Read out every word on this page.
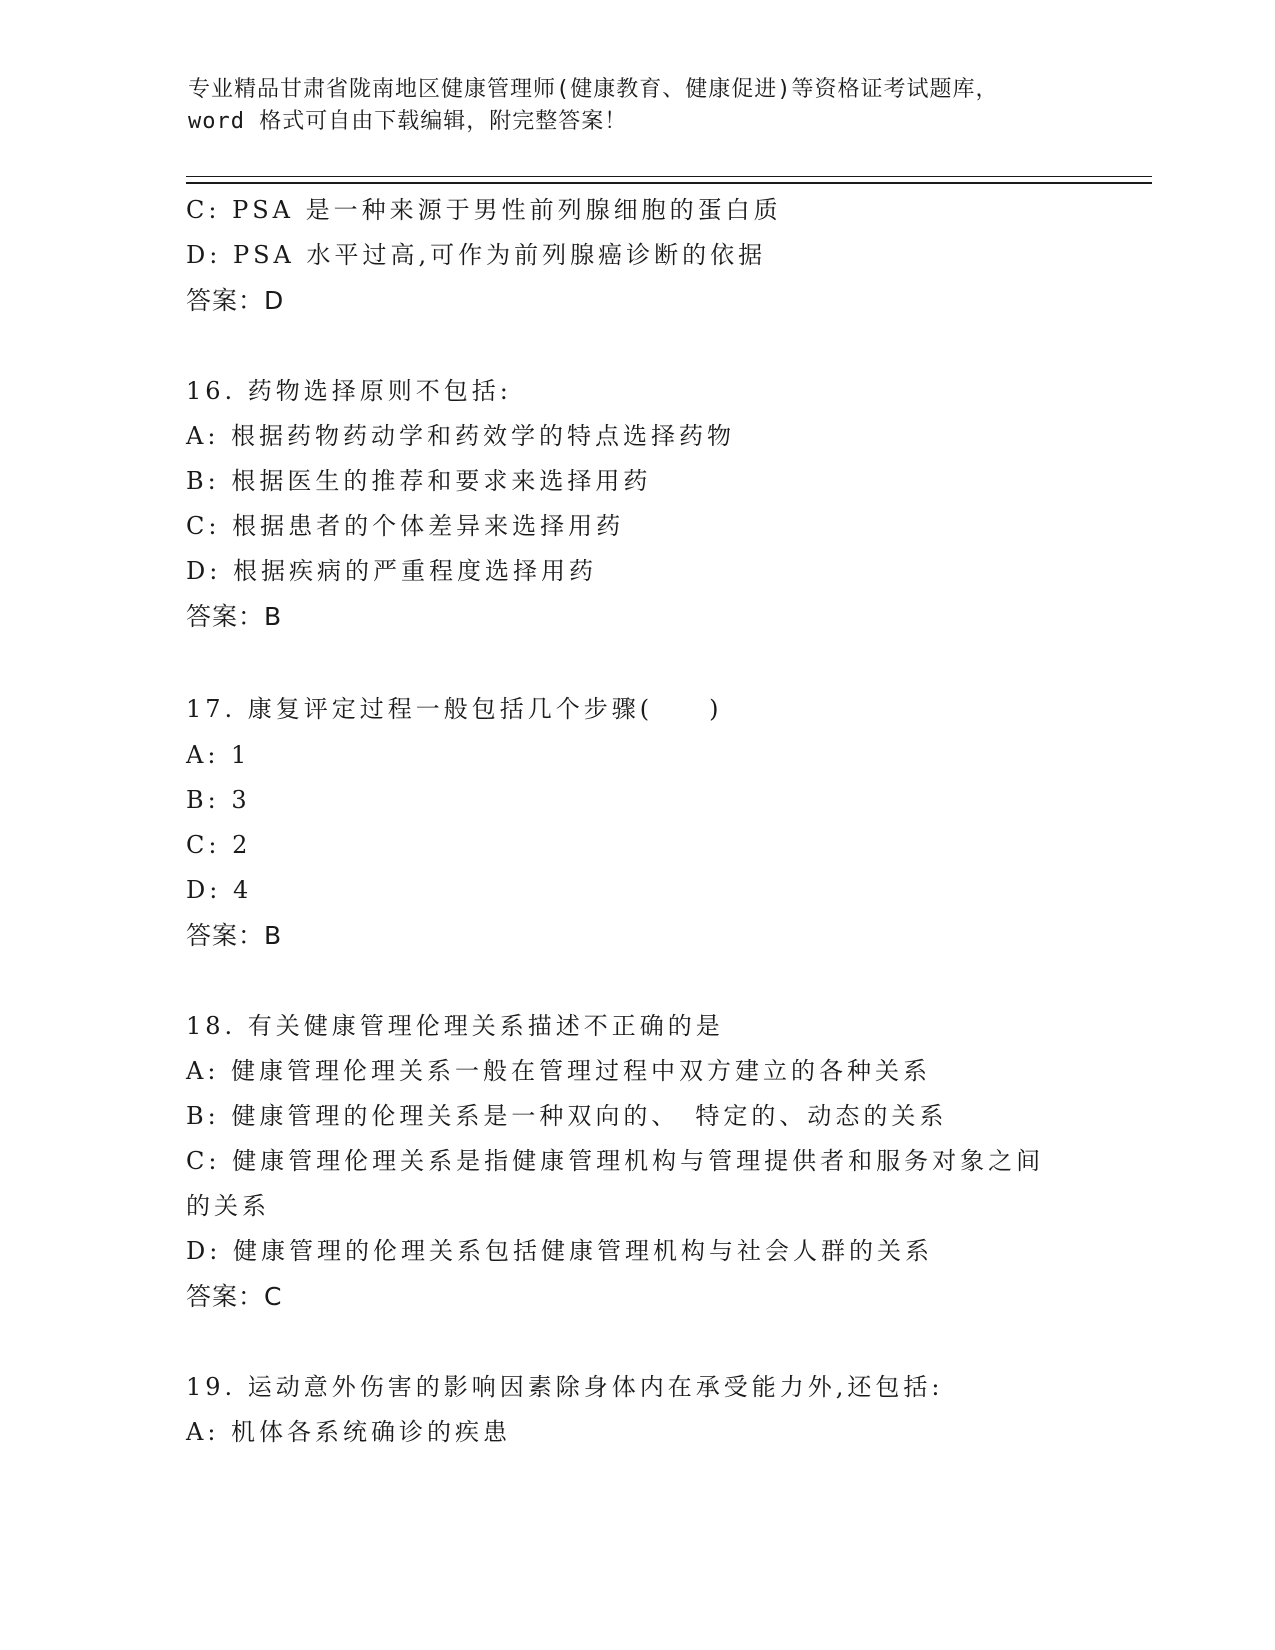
专业精品甘肃省陇南地区健康管理师(健康教育、健康促进)等资格证考试题库，
word 格式可自由下载编辑，附完整答案！
C: PSA 是一种来源于男性前列腺细胞的蛋白质
D: PSA 水平过高,可作为前列腺癌诊断的依据
答案：D
16. 药物选择原则不包括:
A: 根据药物药动学和药效学的特点选择药物
B: 根据医生的推荐和要求来选择用药
C: 根据患者的个体差异来选择用药
D: 根据疾病的严重程度选择用药
答案：B
17. 康复评定过程一般包括几个步骤(　　)
A: 1
B: 3
C: 2
D: 4
答案：B
18. 有关健康管理伦理关系描述不正确的是
A: 健康管理伦理关系一般在管理过程中双方建立的各种关系
B: 健康管理的伦理关系是一种双向的、　特定的、动态的关系
C: 健康管理伦理关系是指健康管理机构与管理提供者和服务对象之间
的关系
D: 健康管理的伦理关系包括健康管理机构与社会人群的关系
答案：C
19. 运动意外伤害的影响因素除身体内在承受能力外,还包括:
A: 机体各系统确诊的疾患
